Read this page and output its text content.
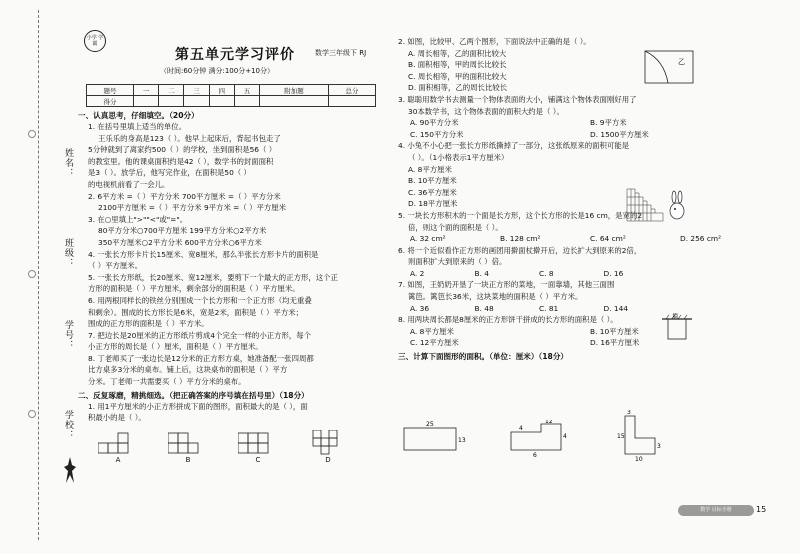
姓名：
班级：
学号：
学校：
小学 学霸
第五单元学习评价	数学三年级下 RJ
（时间:60分钟 满分:100分+10分）
题号	一	二	三	四	五	附加题	总分
得分							
一、认真思考，仔细填空。（20分）
1. 在括号里填上适当的单位。
王乐乐的身高是123（ ）。他早上起床后，背起书包走了
5分钟就到了离家约500（ ）的学校，坐到面积是56（ ）
的教室里。他的课桌面积约是42（ ），数学书的封面面积
是3（ ）。放学后，他写完作业，在面积是50（ ）
的电视机前看了一会儿。
2. 6平方米 =（ ）平方分米 700平方厘米 =（ ）平方分米
2100平方厘米 =（ ）平方分米 9平方米 =（ ）平方厘米
3. 在○里填上">""<"或"="。
80平方分米○700平方厘米 199平方分米○2平方米
350平方厘米○2平方分米 600平方分米○6平方米
4. 一张长方形卡片长15厘米、宽8厘米，那么半张长方形卡片的面积是
（ ）平方厘米。
5. 一张长方形纸，长20厘米、宽12厘米，要剪下一个最大的正方形，这个正
方形的面积是（ ）平方厘米，剩余部分的面积是（ ）平方厘米。
6. 用两根同样长的铁丝分别围成一个长方形和一个正方形（均无重叠
和剩余）。围成的长方形长是6米，宽是2米，面积是（ ）平方米；
围成的正方形的面积是（ ）平方米。
7. 把边长是20厘米的正方形纸片剪成4个完全一样的小正方形，每个
小正方形的周长是（ ）厘米，面积是（ ）平方厘米。
8. 丁老师买了一张边长是12分米的正方形方桌，她准备配一张四周都
比方桌多3分米的桌布。铺上后，这块桌布的面积是（ ）平方
分米。丁老师一共需要买（ ）平方分米的桌布。
二、反复琢磨，精挑细选。（把正确答案的序号填在括号里）（18分）
1. 用1平方厘米的小正方形拼成下面的图形，面积最大的是（ ），面
积最小的是（ ）。
A	B	C	D
2. 如图，比较甲、乙两个图形，下面说法中正确的是（ ）。
A. 周长相等，乙的面积比较大
B. 面积相等，甲的周长比较长
C. 周长相等，甲的面积比较大
D. 面积相等，乙的周长比较长
3. 聪聪用数学书去测量一个物体表面的大小，铺满这个物体表面刚好用了
30本数学书，这个物体表面的面积大约是（ ）。
A. 90平方分米	B. 9平方米
C. 150平方分米	D. 1500平方厘米
4. 小兔不小心把一张长方形纸撕掉了一部分，这张纸原来的面积可能是
（ ）。（1小格表示1平方厘米）
A. 8平方厘米
B. 10平方厘米
C. 36平方厘米
D. 18平方厘米
5. 一块长方形积木的一个面是长方形，这个长方形的长是16 cm，是宽的2
倍，则这个面的面积是（ ）。
A. 32 cm²	B. 128 cm²	C. 64 cm²	D. 256 cm²
6. 将一个近似看作正方形的画团用擀面杖擀开后，边长扩大到原来的2倍，
则面积扩大到原来的（ ）倍。
A. 2	B. 4	C. 8	D. 16
7. 如图，王奶奶开垦了一块正方形的菜地，一面靠墙，其他三面围
篱笆。篱笆长36米，这块菜地的面积是（ ）平方米。
A. 36	B. 48	C. 81	D. 144
8. 用两块周长都是8厘米的正方形饼干拼成的长方形的面积是（ ）。
A. 8平方厘米	B. 10平方厘米
C. 12平方厘米	D. 16平方厘米
三、计算下面图形的面积。（单位：厘米）（18分）
乙
墙
25
13
4
4
6
12
3
15
3
10
数学 目标手册	15
